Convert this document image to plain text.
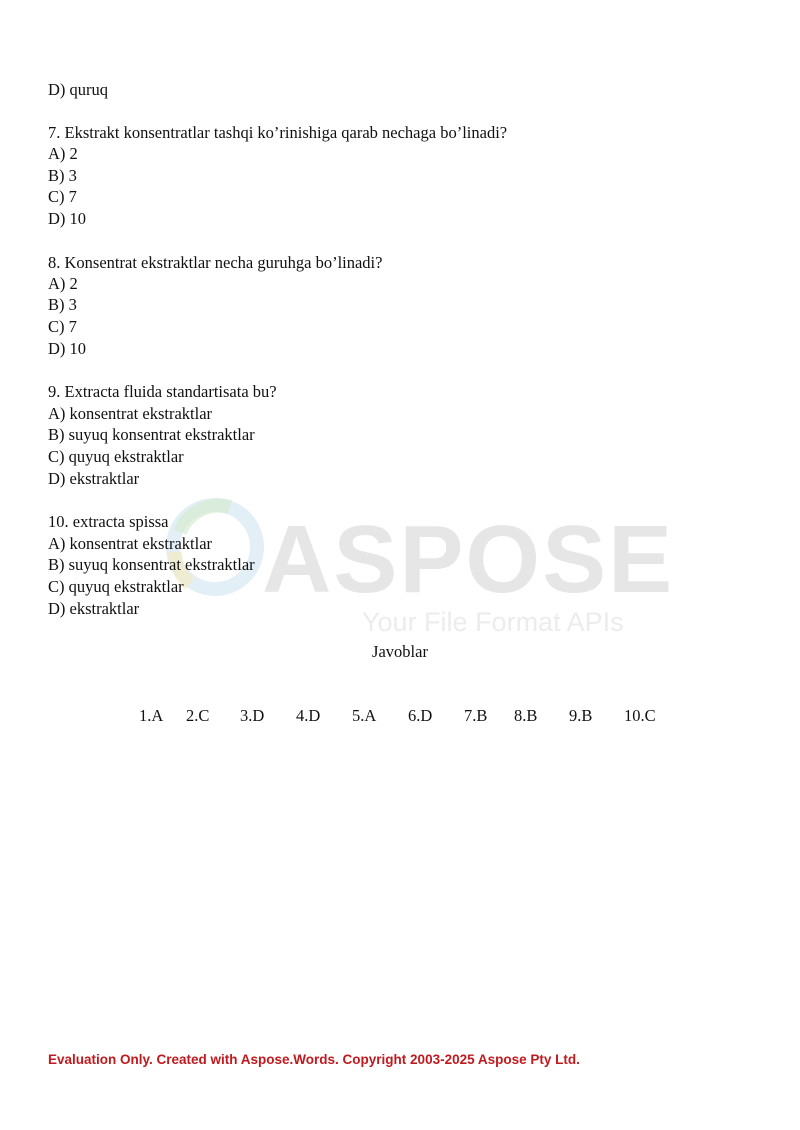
ASPOSE
Your File Format APIs
D) quruq
7. Ekstrakt konsentratlar tashqi ko’rinishiga qarab nechaga bo’linadi?
A) 2
B) 3
C) 7
D) 10
8. Konsentrat ekstraktlar necha guruhga bo’linadi?
A) 2
B) 3
C) 7
D) 10
9. Extracta fluida standartisata bu?
A) konsentrat ekstraktlar
B) suyuq konsentrat ekstraktlar
C) quyuq ekstraktlar
D) ekstraktlar
10. extracta spissa
A) konsentrat ekstraktlar
B) suyuq konsentrat ekstraktlar
C) quyuq ekstraktlar
D) ekstraktlar
Javoblar
1.A 2.C 3.D 4.D 5.A 6.D 7.B 8.B 9.B 10.C
Evaluation Only. Created with Aspose.Words. Copyright 2003-2025 Aspose Pty Ltd.
